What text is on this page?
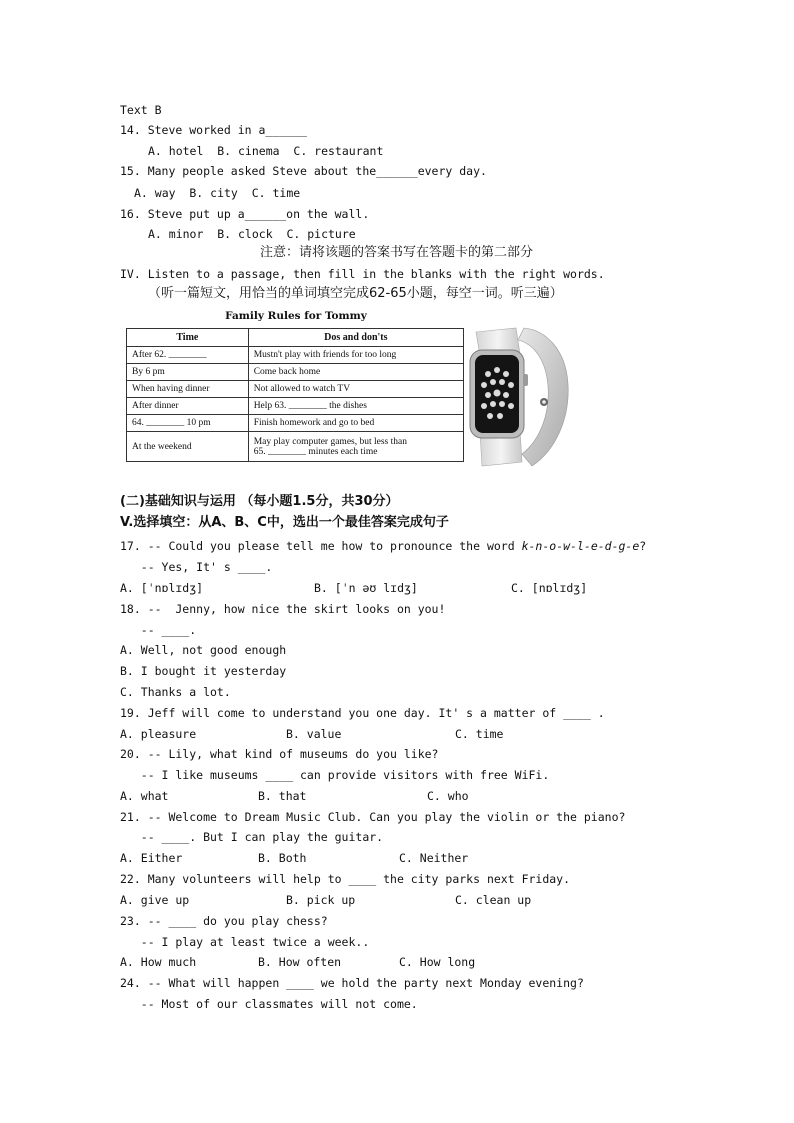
Text B
14. Steve worked in a______
A. hotel  B. cinema  C. restaurant
15. Many people asked Steve about the______every day.
A. way  B. city  C. time
16. Steve put up a______on the wall.
A. minor  B. clock  C. picture
注意：请将该题的答案书写在答题卡的第二部分
IV. Listen to a passage, then fill in the blanks with the right words.
（听一篇短文，用恰当的单词填空完成62-65小题，每空一词。听三遍）
Family Rules for Tommy
Time	Dos and don'ts
After 62. ________	Mustn't play with friends for too long
By 6 pm	Come back home
When having dinner	Not allowed to watch TV
After dinner	Help 63. ________ the dishes
64. ________ 10 pm	Finish homework and go to bed
At the weekend	May play computer games, but less than
65. ________ minutes each time
(二)基础知识与运用 （每小题1.5分，共30分）
V.选择填空：从A、B、C中，选出一个最佳答案完成句子
17. -- Could you please tell me how to pronounce the word k-n-o-w-l-e-d-g-e?
-- Yes, It' s ____.
A. [ˈnɒlɪdʒ]	B. [ˈn əʊ lɪdʒ]	C. [nɒlɪdʒ]
18. --  Jenny, how nice the skirt looks on you!
-- ____.
A. Well, not good enough
B. I bought it yesterday
C. Thanks a lot.
19. Jeff will come to understand you one day. It' s a matter of ____ .
A. pleasure	B. value	C. time
20. -- Lily, what kind of museums do you like?
-- I like museums ____ can provide visitors with free WiFi.
A. what	B. that	C. who
21. -- Welcome to Dream Music Club. Can you play the violin or the piano?
-- ____. But I can play the guitar.
A. Either	B. Both	C. Neither
22. Many volunteers will help to ____ the city parks next Friday.
A. give up	B. pick up	C. clean up
23. -- ____ do you play chess?
-- I play at least twice a week..
A. How much	B. How often	C. How long
24. -- What will happen ____ we hold the party next Monday evening?
-- Most of our classmates will not come.
